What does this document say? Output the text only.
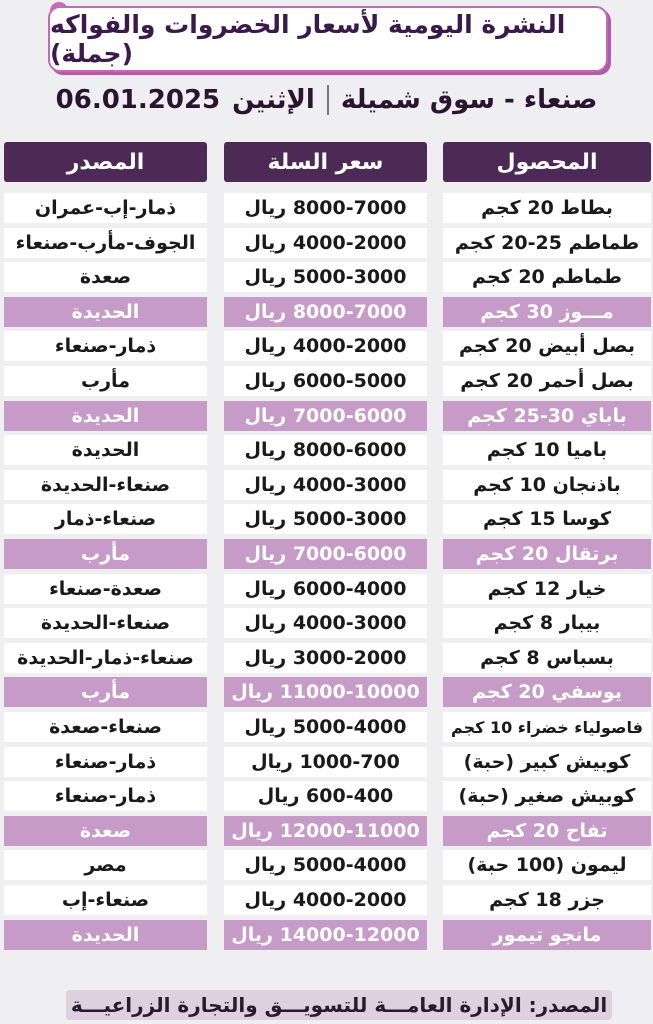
النشرة اليومية لأسعار الخضروات والفواكه (جملة)
صنعاء - سوق شميلة
الإثنين
06.01.2025
المحصول
سعر السلة
المصدر
بطاط 20 كجم
8000-7000 ريال
ذمار-إب-عمران
طماطم 25-20 كجم
4000-2000 ريال
الجوف-مأرب-صنعاء
طماطم 20 كجم
5000-3000 ريال
صعدة
مـــوز 30 كجم
8000-7000 ريال
الحديدة
بصل أبيض 20 كجم
4000-2000 ريال
ذمار-صنعاء
بصل أحمر 20 كجم
6000-5000 ريال
مأرب
باباي 30-25 كجم
7000-6000 ريال
الحديدة
باميا 10 كجم
8000-6000 ريال
الحديدة
باذنجان 10 كجم
4000-3000 ريال
صنعاء-الحديدة
كوسا 15 كجم
5000-3000 ريال
صنعاء-ذمار
برتقال 20 كجم
7000-6000 ريال
مأرب
خيار 12 كجم
6000-4000 ريال
صعدة-صنعاء
بيبار 8 كجم
4000-3000 ريال
صنعاء-الحديدة
بسباس 8 كجم
3000-2000 ريال
صنعاء-ذمار-الحديدة
يوسفي 20 كجم
11000-10000 ريال
مأرب
فاصولياء خضراء 10 كجم
5000-4000 ريال
صنعاء-صعدة
كوبيش كبير (حبة)
1000-700 ريال
ذمار-صنعاء
كوبيش صغير (حبة)
600-400 ريال
ذمار-صنعاء
تفاح 20 كجم
12000-11000 ريال
صعدة
ليمون (100 حبة)
5000-4000 ريال
مصر
جزر 18 كجم
4000-2000 ريال
صنعاء-إب
مانجو تيمور
14000-12000 ريال
الحديدة
المصدر: الإدارة العامـــة للتسويـــق والتجارة الزراعيـــة
